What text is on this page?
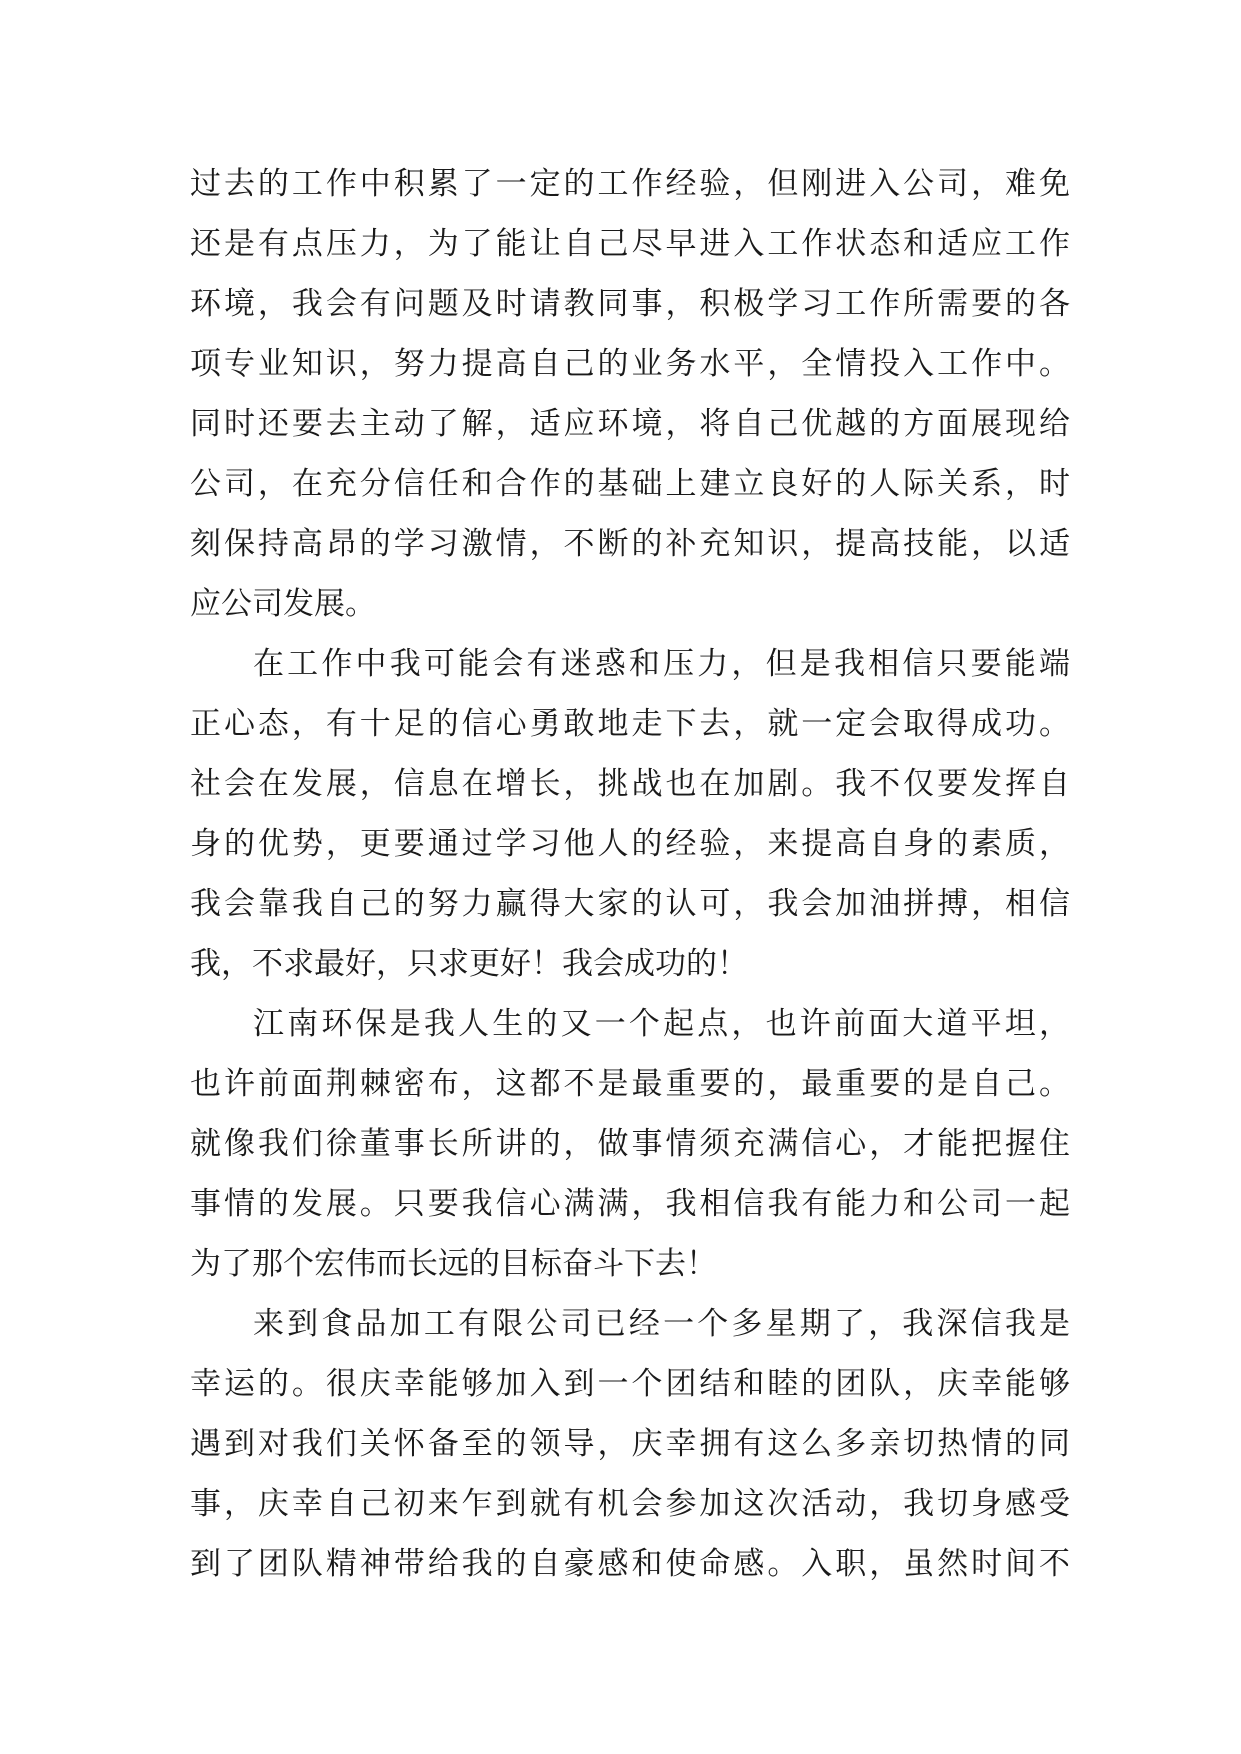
过去的工作中积累了一定的工作经验，但刚进入公司，难免
还是有点压力，为了能让自己尽早进入工作状态和适应工作
环境，我会有问题及时请教同事，积极学习工作所需要的各
项专业知识，努力提高自己的业务水平，全情投入工作中。
同时还要去主动了解，适应环境，将自己优越的方面展现给
公司，在充分信任和合作的基础上建立良好的人际关系，时
刻保持高昂的学习激情，不断的补充知识，提高技能，以适
应公司发展。
在工作中我可能会有迷惑和压力，但是我相信只要能端
正心态，有十足的信心勇敢地走下去，就一定会取得成功。
社会在发展，信息在增长，挑战也在加剧。我不仅要发挥自
身的优势，更要通过学习他人的经验，来提高自身的素质，
我会靠我自己的努力赢得大家的认可，我会加油拼搏，相信
我，不求最好，只求更好！我会成功的！
江南环保是我人生的又一个起点，也许前面大道平坦，
也许前面荆棘密布，这都不是最重要的，最重要的是自己。
就像我们徐董事长所讲的，做事情须充满信心，才能把握住
事情的发展。只要我信心满满，我相信我有能力和公司一起
为了那个宏伟而长远的目标奋斗下去！
来到食品加工有限公司已经一个多星期了，我深信我是
幸运的。很庆幸能够加入到一个团结和睦的团队，庆幸能够
遇到对我们关怀备至的领导，庆幸拥有这么多亲切热情的同
事，庆幸自己初来乍到就有机会参加这次活动，我切身感受
到了团队精神带给我的自豪感和使命感。入职，虽然时间不
